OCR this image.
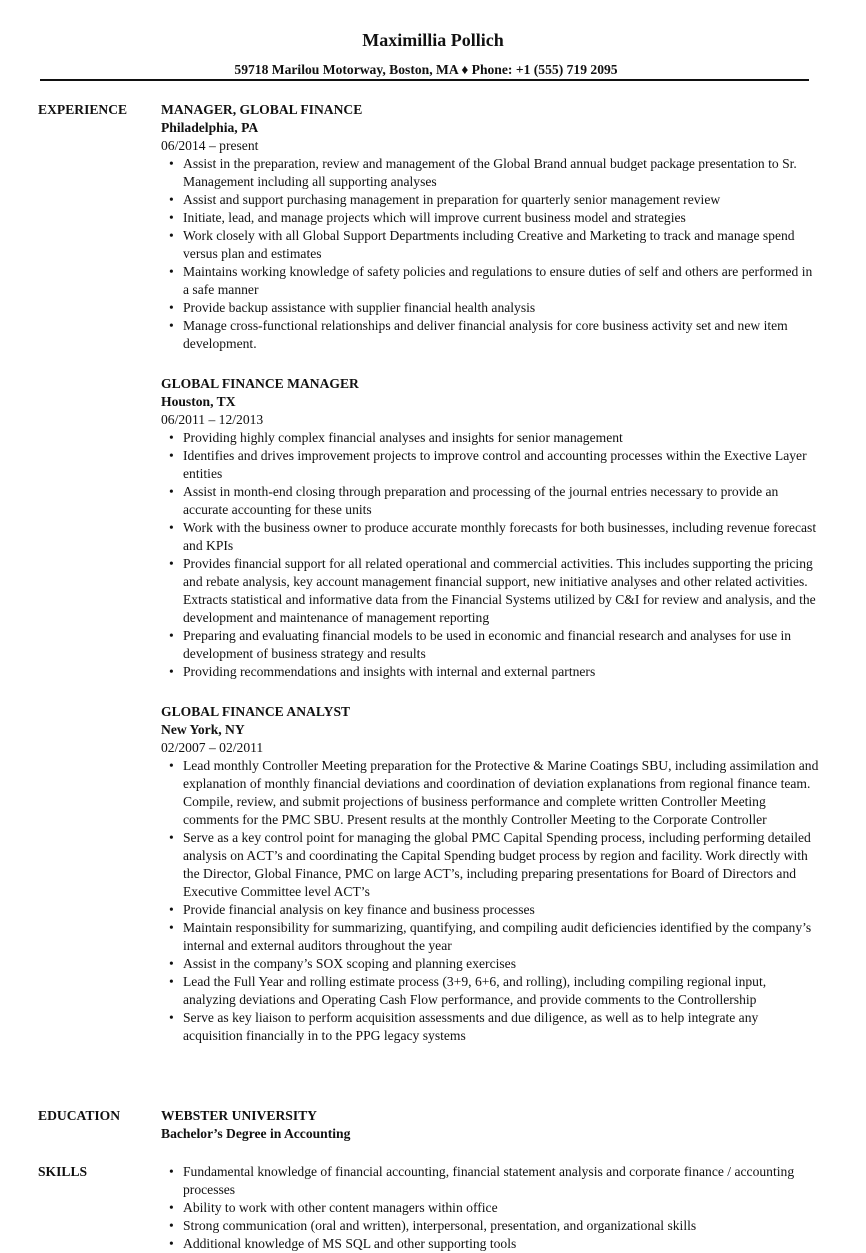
Maximillia Pollich
59718 Marilou Motorway, Boston, MA ♦ Phone: +1 (555) 719 2095
EXPERIENCE MANAGER, GLOBAL FINANCE
Philadelphia, PA
06/2014 – present
• Assist in the preparation, review and management of the Global Brand annual budget package presentation to Sr. Management including all supporting analyses
• Assist and support purchasing management in preparation for quarterly senior management review
• Initiate, lead, and manage projects which will improve current business model and strategies
• Work closely with all Global Support Departments including Creative and Marketing to track and manage spend versus plan and estimates
• Maintains working knowledge of safety policies and regulations to ensure duties of self and others are performed in a safe manner
• Provide backup assistance with supplier financial health analysis
• Manage cross-functional relationships and deliver financial analysis for core business activity set and new item development.
GLOBAL FINANCE MANAGER
Houston, TX
06/2011 – 12/2013
• Providing highly complex financial analyses and insights for senior management
• Identifies and drives improvement projects to improve control and accounting processes within the Exective Layer entities
• Assist in month-end closing through preparation and processing of the journal entries necessary to provide an accurate accounting for these units
• Work with the business owner to produce accurate monthly forecasts for both businesses, including revenue forecast and KPIs
• Provides financial support for all related operational and commercial activities. This includes supporting the pricing and rebate analysis, key account management financial support, new initiative analyses and other related activities. Extracts statistical and informative data from the Financial Systems utilized by C&I for review and analysis, and the development and maintenance of management reporting
• Preparing and evaluating financial models to be used in economic and financial research and analyses for use in development of business strategy and results
• Providing recommendations and insights with internal and external partners
GLOBAL FINANCE ANALYST
New York, NY
02/2007 – 02/2011
• Lead monthly Controller Meeting preparation for the Protective & Marine Coatings SBU, including assimilation and explanation of monthly financial deviations and coordination of deviation explanations from regional finance team. Compile, review, and submit projections of business performance and complete written Controller Meeting comments for the PMC SBU. Present results at the monthly Controller Meeting to the Corporate Controller
• Serve as a key control point for managing the global PMC Capital Spending process, including performing detailed analysis on ACT’s and coordinating the Capital Spending budget process by region and facility. Work directly with the Director, Global Finance, PMC on large ACT’s, including preparing presentations for Board of Directors and Executive Committee level ACT’s
• Provide financial analysis on key finance and business processes
• Maintain responsibility for summarizing, quantifying, and compiling audit deficiencies identified by the company’s internal and external auditors throughout the year
• Assist in the company’s SOX scoping and planning exercises
• Lead the Full Year and rolling estimate process (3+9, 6+6, and rolling), including compiling regional input, analyzing deviations and Operating Cash Flow performance, and provide comments to the Controllership
• Serve as key liaison to perform acquisition assessments and due diligence, as well as to help integrate any acquisition financially in to the PPG legacy systems
EDUCATION	WEBSTER UNIVERSITY
Bachelor’s Degree in Accounting
SKILLS
•	Fundamental knowledge of financial accounting, financial statement analysis and corporate finance / accounting processes
• Ability to work with other content managers within office
• Strong communication (oral and written), interpersonal, presentation, and organizational skills
• Additional knowledge of MS SQL and other supporting tools
